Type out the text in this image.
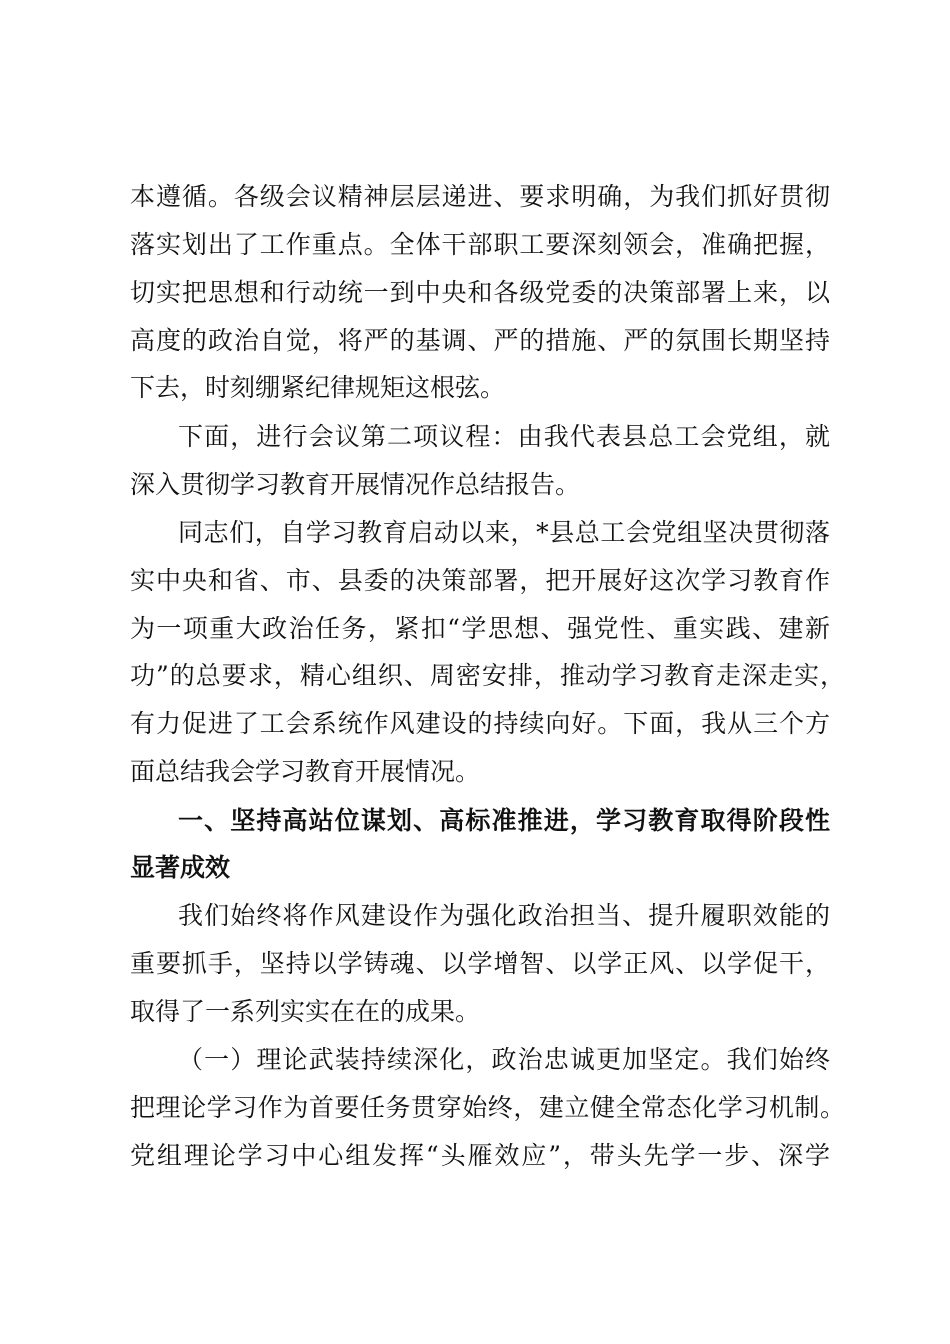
本遵循。各级会议精神层层递进、要求明确，为我们抓好贯彻
落实划出了工作重点。全体干部职工要深刻领会，准确把握，
切实把思想和行动统一到中央和各级党委的决策部署上来，以
高度的政治自觉，将严的基调、严的措施、严的氛围长期坚持
下去，时刻绷紧纪律规矩这根弦。
下面，进行会议第二项议程：由我代表县总工会党组，就
深入贯彻学习教育开展情况作总结报告。
同志们，自学习教育启动以来，*县总工会党组坚决贯彻落
实中央和省、市、县委的决策部署，把开展好这次学习教育作
为一项重大政治任务，紧扣“学思想、强党性、重实践、建新
功”的总要求，精心组织、周密安排，推动学习教育走深走实，
有力促进了工会系统作风建设的持续向好。下面，我从三个方
面总结我会学习教育开展情况。
一、坚持高站位谋划、高标准推进，学习教育取得阶段性
显著成效
我们始终将作风建设作为强化政治担当、提升履职效能的
重要抓手，坚持以学铸魂、以学增智、以学正风、以学促干，
取得了一系列实实在在的成果。
（一）理论武装持续深化，政治忠诚更加坚定。我们始终
把理论学习作为首要任务贯穿始终，建立健全常态化学习机制。
党组理论学习中心组发挥“头雁效应”，带头先学一步、深学
